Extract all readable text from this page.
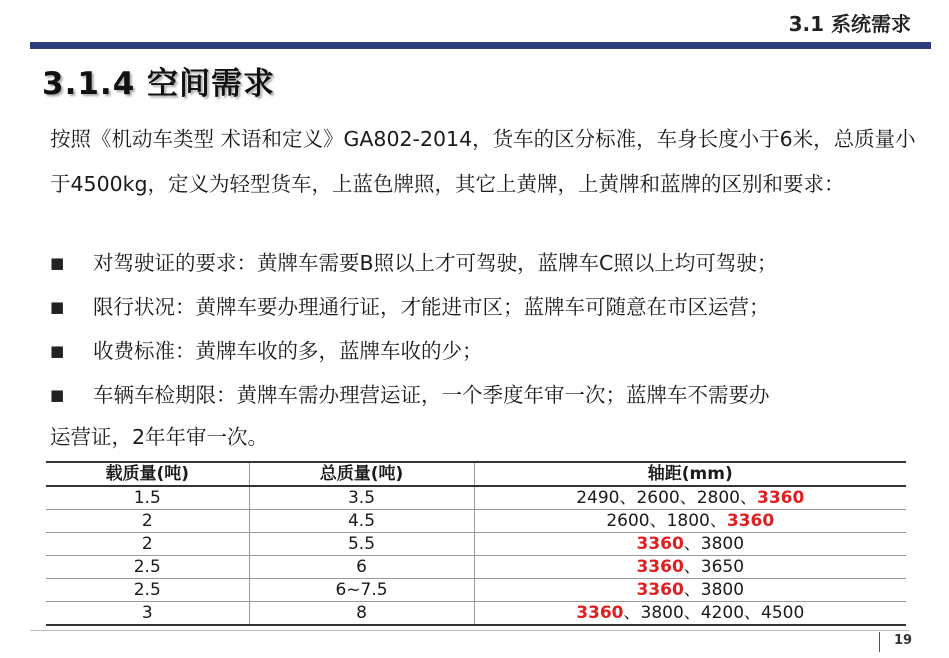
3.1 系统需求
3.1.4 空间需求
按照《机动车类型 术语和定义》GA802-2014，货车的区分标准，车身长度小于6米，总质量小于4500kg，定义为轻型货车，上蓝色牌照，其它上黄牌，上黄牌和蓝牌的区别和要求：
■	对驾驶证的要求：黄牌车需要B照以上才可驾驶，蓝牌车C照以上均可驾驶；
■	限行状况：黄牌车要办理通行证，才能进市区；蓝牌车可随意在市区运营；
■	收费标准：黄牌车收的多，蓝牌车收的少；
■	车辆车检期限：黄牌车需办理营运证，一个季度年审一次；蓝牌车不需要办
运营证，2年年审一次。
载质量(吨)	总质量(吨)	轴距(mm)
1.5	3.5	2490、2600、2800、3360
2	4.5	2600、1800、3360
2	5.5	3360、3800
2.5	6	3360、3650
2.5	6~7.5	3360、3800
3	8	3360、3800、4200、4500
19
